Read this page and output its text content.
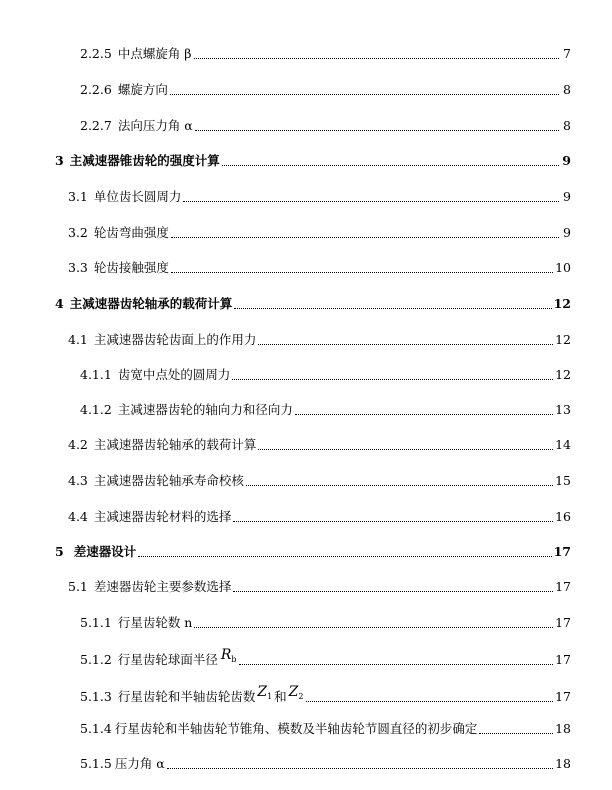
2.2.5 中点螺旋角 β	7
2.2.6 螺旋方向	8
2.2.7 法向压力角 α	8
3 主减速器锥齿轮的强度计算	9
3.1 单位齿长圆周力	9
3.2 轮齿弯曲强度	9
3.3 轮齿接触强度	10
4 主减速器齿轮轴承的载荷计算	12
4.1 主减速器齿轮齿面上的作用力	12
4.1.1 齿宽中点处的圆周力	12
4.1.2 主减速器齿轮的轴向力和径向力	13
4.2 主减速器齿轮轴承的载荷计算	14
4.3 主减速器齿轮轴承寿命校核	15
4.4 主减速器齿轮材料的选择	16
5 差速器设计	17
5.1 差速器齿轮主要参数选择	17
5.1.1 行星齿轮数 n	17
5.1.2 行星齿轮球面半径 $R_b$	17
5.1.3 行星齿轮和半轴齿轮齿数 $Z_1$ 和 $Z_2$	17
5.1.4 行星齿轮和半轴齿轮节锥角、模数及半轴齿轮节圆直径的初步确定	18
5.1.5 压力角 α	18
